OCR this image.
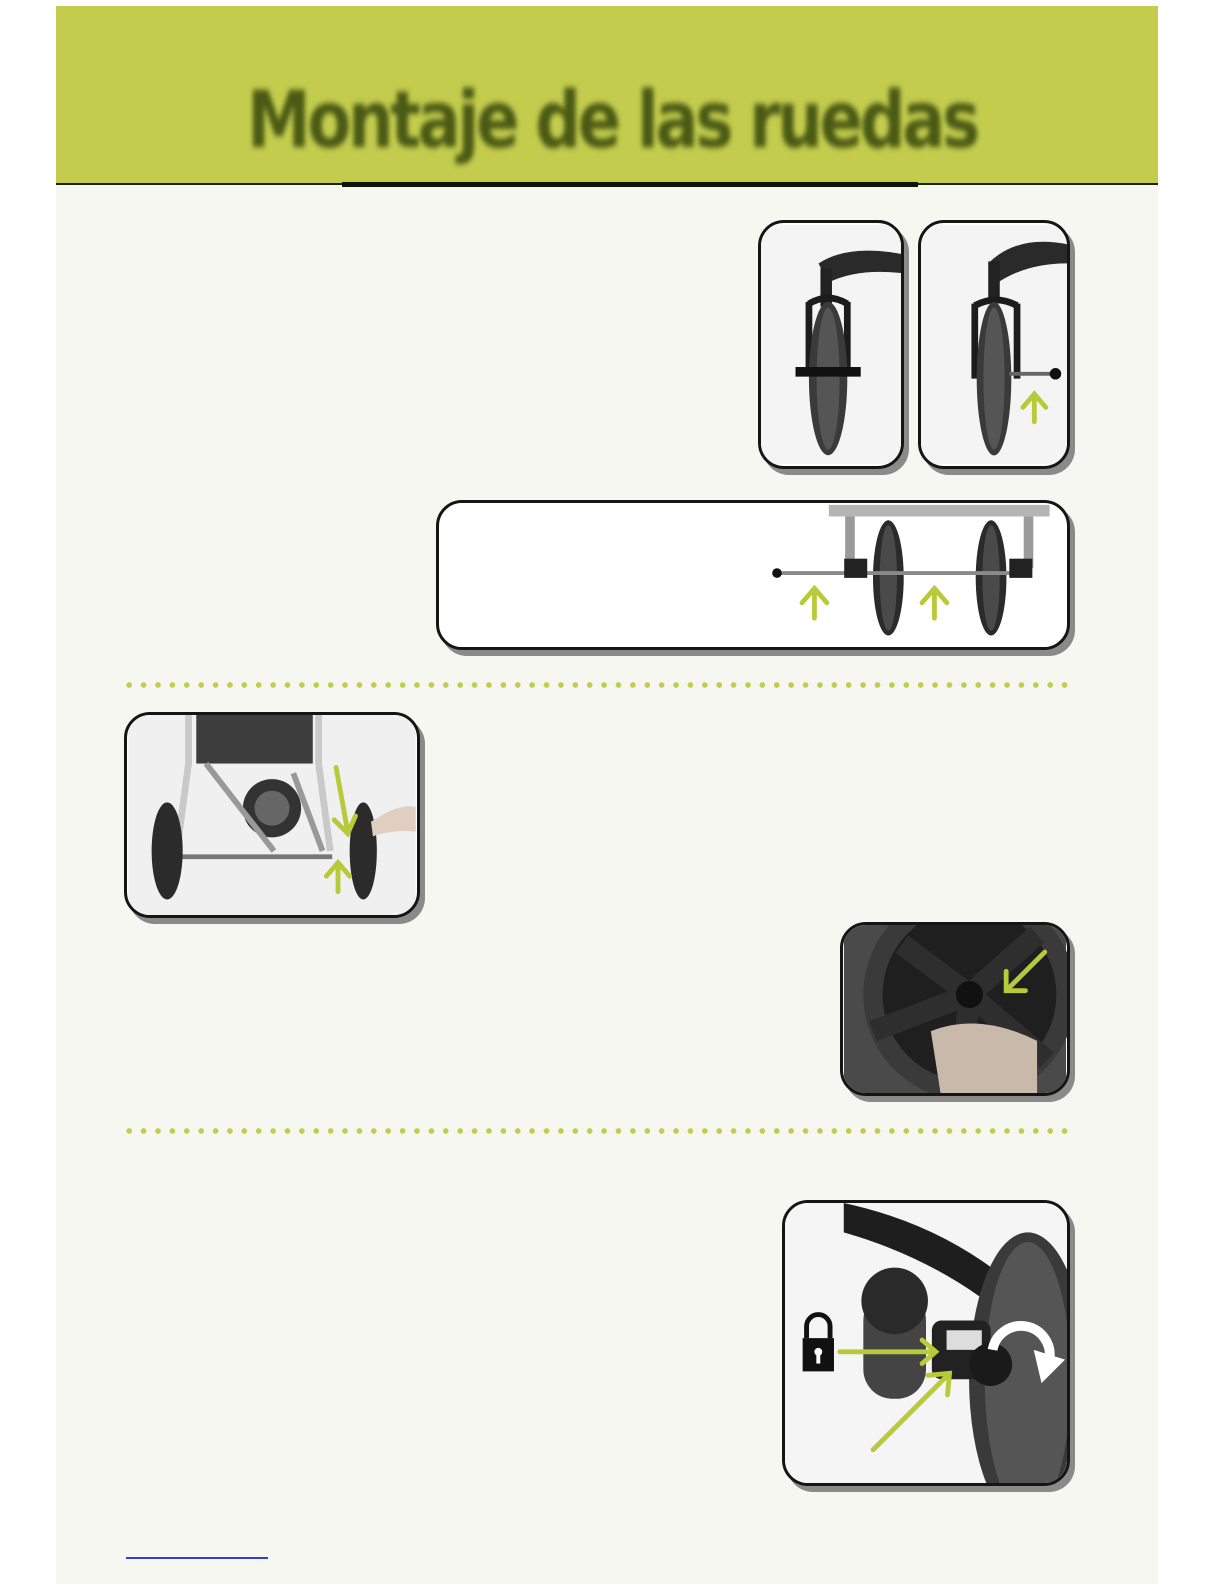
Montaje de las ruedas
